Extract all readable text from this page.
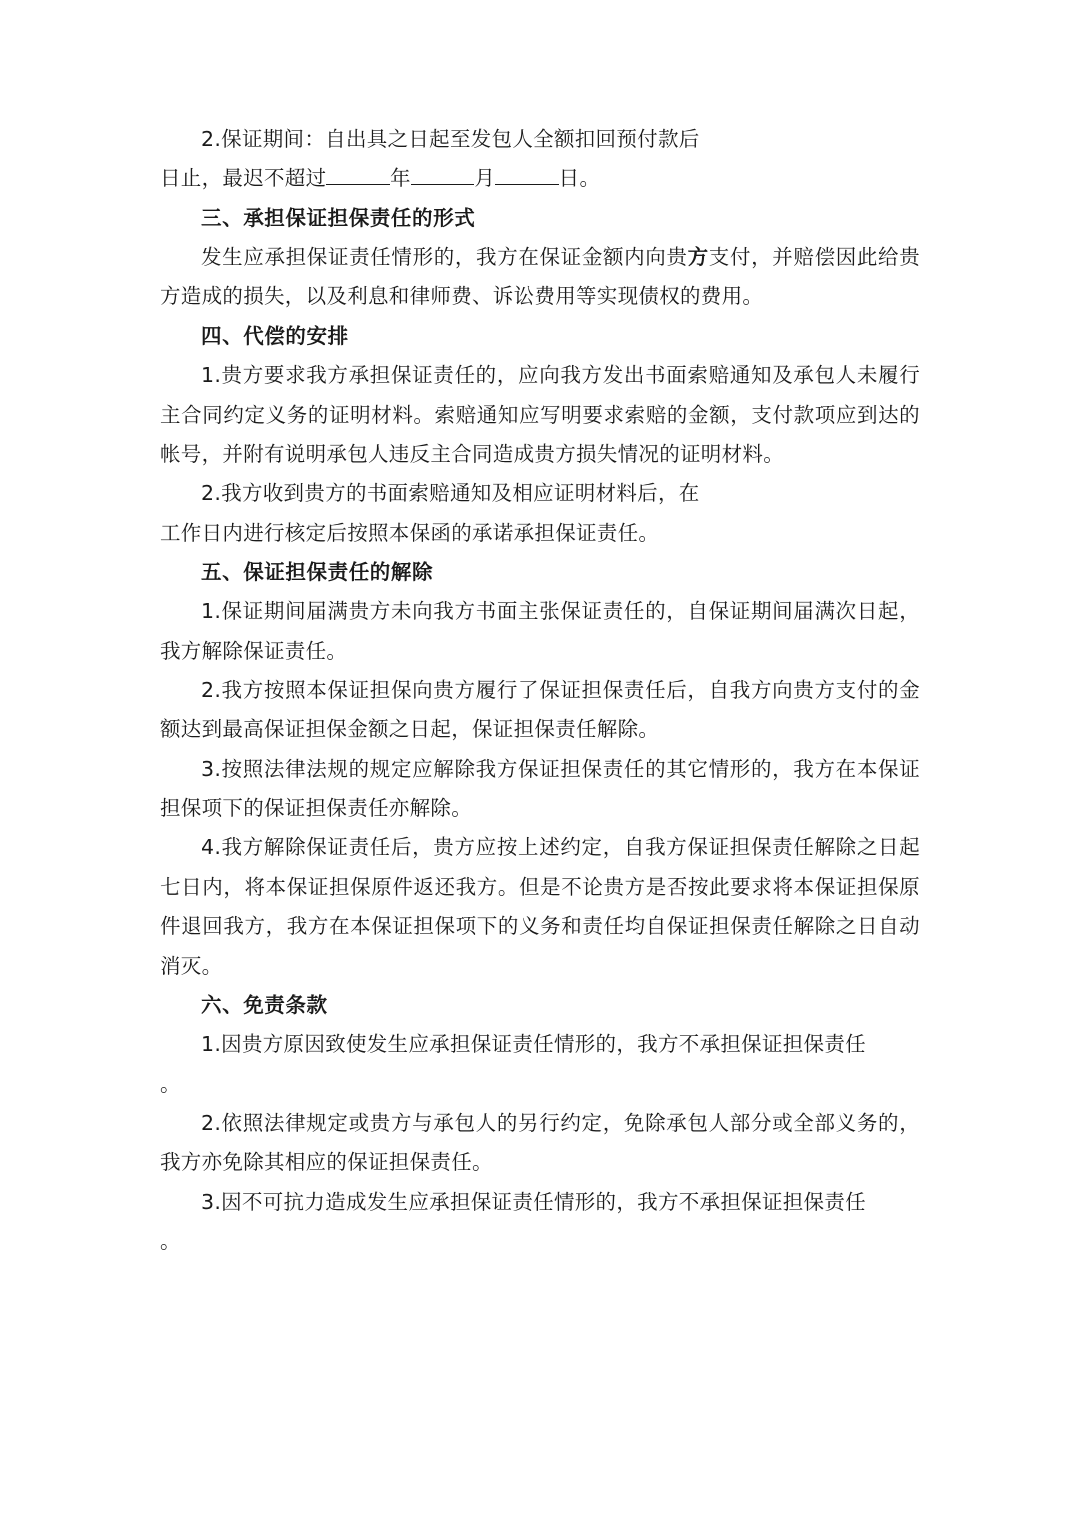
2.保证期间：自出具之日起至发包人全额扣回预付款后

日止，最迟不超过	年	月	日。

三、承担保证担保责任的形式

发生应承担保证责任情形的，我方在保证金额内向贵方支付，并赔偿因此给贵方造成的损失，以及利息和律师费、诉讼费用等实现债权的费用。

四、代偿的安排

1.贵方要求我方承担保证责任的，应向我方发出书面索赔通知及承包人未履行主合同约定义务的证明材料。索赔通知应写明要求索赔的金额，支付款项应到达的帐号，并附有说明承包人违反主合同造成贵方损失情况的证明材料。

2.我方收到贵方的书面索赔通知及相应证明材料后，在

工作日内进行核定后按照本保函的承诺承担保证责任。

五、保证担保责任的解除

1.保证期间届满贵方未向我方书面主张保证责任的，自保证期间届满次日起，我方解除保证责任。

2.我方按照本保证担保向贵方履行了保证担保责任后，自我方向贵方支付的金额达到最高保证担保金额之日起，保证担保责任解除。

3.按照法律法规的规定应解除我方保证担保责任的其它情形的，我方在本保证担保项下的保证担保责任亦解除。

4.我方解除保证责任后，贵方应按上述约定，自我方保证担保责任解除之日起七日内，将本保证担保原件返还我方。但是不论贵方是否按此要求将本保证担保原件退回我方，我方在本保证担保项下的义务和责任均自保证担保责任解除之日自动消灭。

六、免责条款

1.因贵方原因致使发生应承担保证责任情形的，我方不承担保证担保责任

。

2.依照法律规定或贵方与承包人的另行约定，免除承包人部分或全部义务的，我方亦免除其相应的保证担保责任。

3.因不可抗力造成发生应承担保证责任情形的，我方不承担保证担保责任

。
